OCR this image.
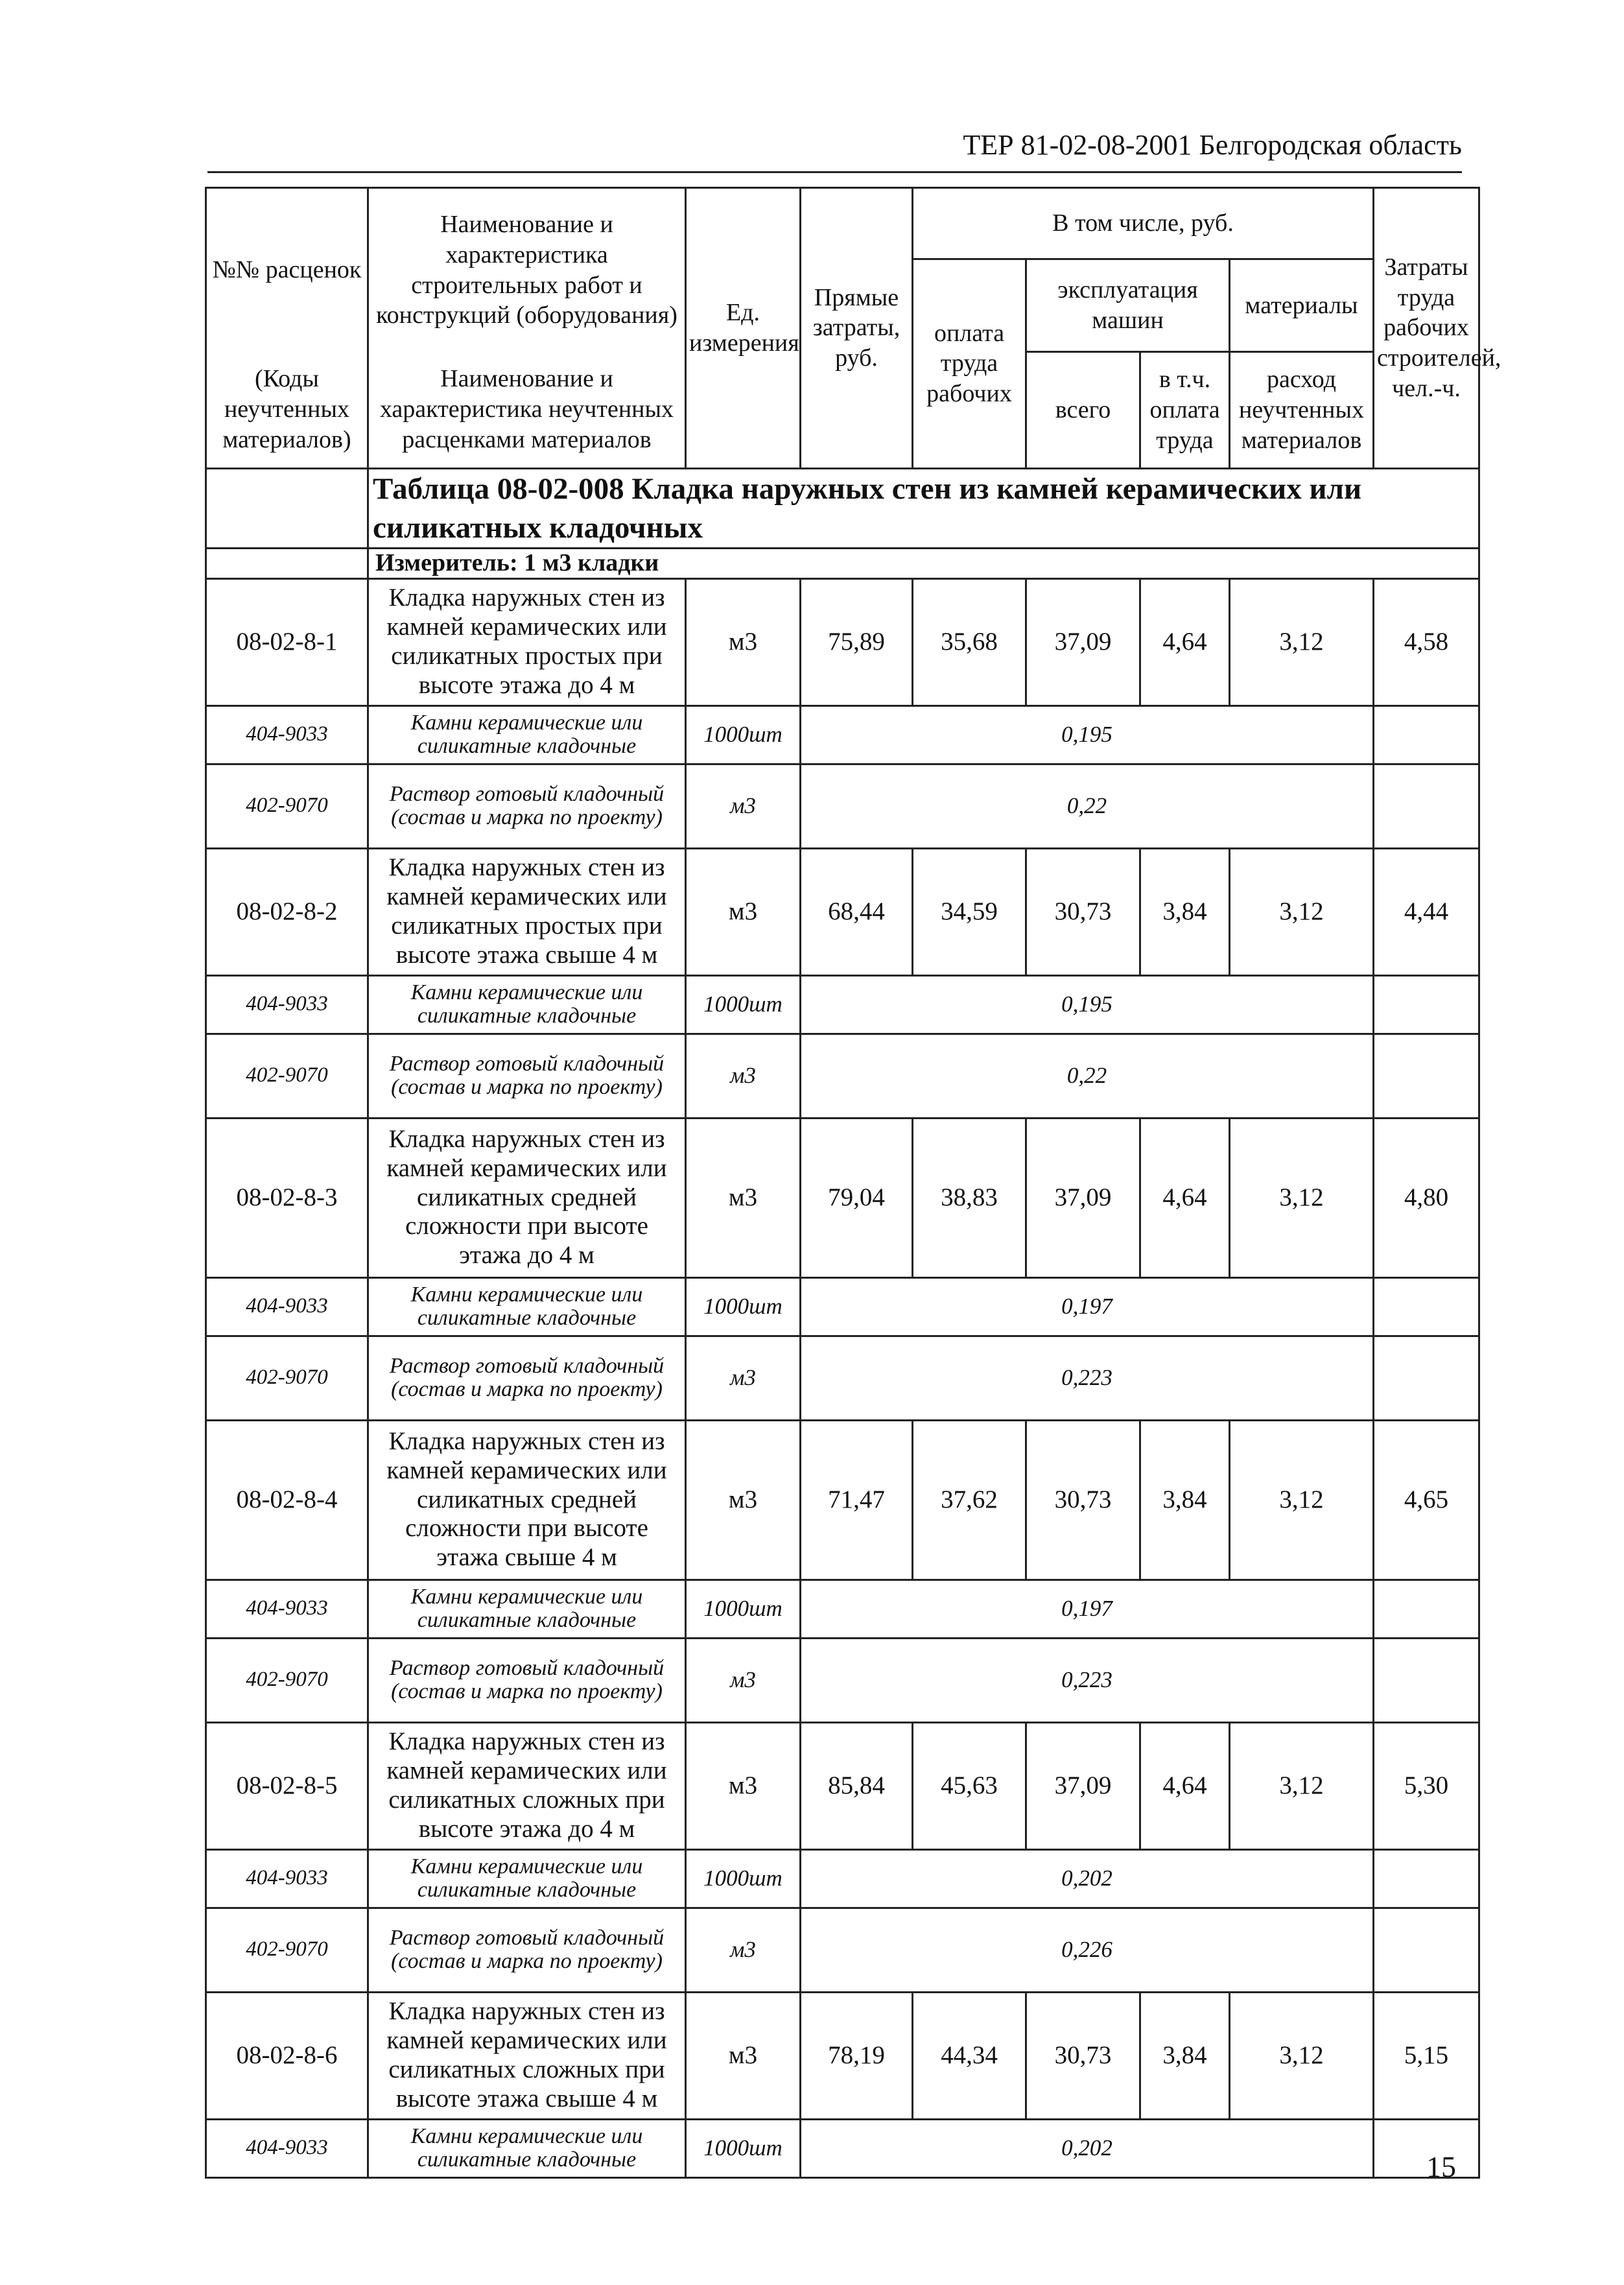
ТЕР 81-02-08-2001 Белгородская область
№№ расценок	Наименование и характеристика строительных работ и конструкций (оборудования)	Ед. измерения	Прямые затраты, руб.	В том числе, руб.				Затраты труда рабочих строителей, чел.-ч.
				оплата труда рабочих	эксплуатация машин		материалы	
(Коды неучтенных материалов)	Наименование и характеристика неучтенных расценками материалов				всего	в т.ч. оплата труда	расход неучтенных материалов	
	Таблица 08-02-008 Кладка наружных стен из камней керамических или силикатных кладочных							
	Измеритель: 1 м3 кладки							
08-02-8-1	Кладка наружных стен из камней керамических или силикатных простых при высоте этажа до 4 м	м3	75,89	35,68	37,09	4,64	3,12	4,58
404-9033	Камни керамические или силикатные кладочные	1000шт	0,195					
402-9070	Раствор готовый кладочный (состав и марка по проекту)	м3	0,22					
08-02-8-2	Кладка наружных стен из камней керамических или силикатных простых при высоте этажа свыше 4 м	м3	68,44	34,59	30,73	3,84	3,12	4,44
404-9033	Камни керамические или силикатные кладочные	1000шт	0,195					
402-9070	Раствор готовый кладочный (состав и марка по проекту)	м3	0,22					
08-02-8-3	Кладка наружных стен из камней керамических или силикатных средней сложности при высоте этажа до 4 м	м3	79,04	38,83	37,09	4,64	3,12	4,80
404-9033	Камни керамические или силикатные кладочные	1000шт	0,197					
402-9070	Раствор готовый кладочный (состав и марка по проекту)	м3	0,223					
08-02-8-4	Кладка наружных стен из камней керамических или силикатных средней сложности при высоте этажа свыше 4 м	м3	71,47	37,62	30,73	3,84	3,12	4,65
404-9033	Камни керамические или силикатные кладочные	1000шт	0,197					
402-9070	Раствор готовый кладочный (состав и марка по проекту)	м3	0,223					
08-02-8-5	Кладка наружных стен из камней керамических или силикатных сложных при высоте этажа до 4 м	м3	85,84	45,63	37,09	4,64	3,12	5,30
404-9033	Камни керамические или силикатные кладочные	1000шт	0,202					
402-9070	Раствор готовый кладочный (состав и марка по проекту)	м3	0,226					
08-02-8-6	Кладка наружных стен из камней керамических или силикатных сложных при высоте этажа свыше 4 м	м3	78,19	44,34	30,73	3,84	3,12	5,15
404-9033	Камни керамические или силикатные кладочные	1000шт	0,202					
15
